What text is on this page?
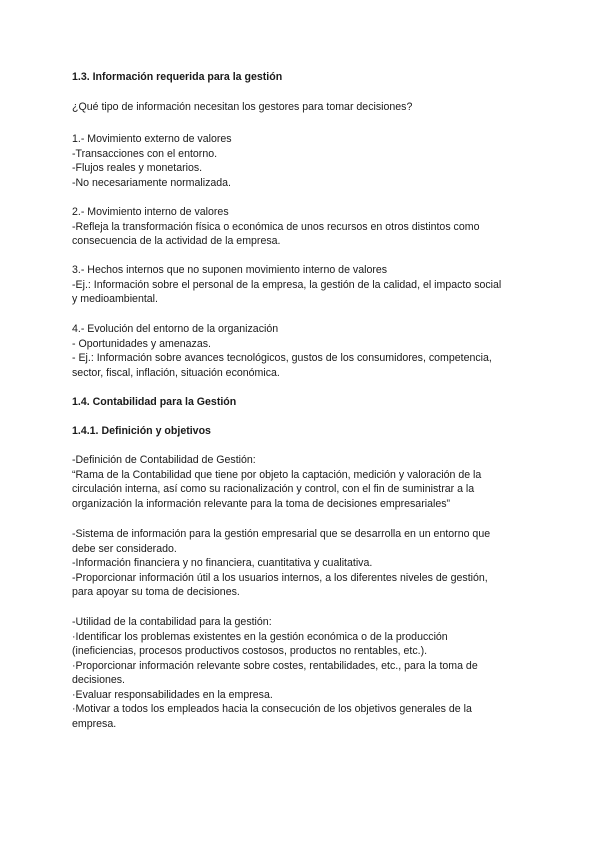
1.3. Información requerida para la gestión
¿Qué tipo de información necesitan los gestores para tomar decisiones?
1.- Movimiento externo de valores
-Transacciones con el entorno.
-Flujos reales y monetarios.
-No necesariamente normalizada.
2.- Movimiento interno de valores
-Refleja la transformación física o económica de unos recursos en otros distintos como
consecuencia de la actividad de la empresa.
3.- Hechos internos que no suponen movimiento interno de valores
-Ej.: Información sobre el personal de la empresa, la gestión de la calidad, el impacto social
y medioambiental.
4.- Evolución del entorno de la organización
- Oportunidades y amenazas.
- Ej.: Información sobre avances tecnológicos, gustos de los consumidores, competencia,
sector, fiscal, inflación, situación económica.
1.4. Contabilidad para la Gestión
1.4.1. Definición y objetivos
-Definición de Contabilidad de Gestión:
“Rama de la Contabilidad que tiene por objeto la captación, medición y valoración de la
circulación interna, así como su racionalización y control, con el fin de suministrar a la
organización la información relevante para la toma de decisiones empresariales”
-Sistema de información para la gestión empresarial que se desarrolla en un entorno que
debe ser considerado.
-Información financiera y no financiera, cuantitativa y cualitativa.
-Proporcionar información útil a los usuarios internos, a los diferentes niveles de gestión,
para apoyar su toma de decisiones.
-Utilidad de la contabilidad para la gestión:
·Identificar los problemas existentes en la gestión económica o de la producción
(ineficiencias, procesos productivos costosos, productos no rentables, etc.).
·Proporcionar información relevante sobre costes, rentabilidades, etc., para la toma de
decisiones.
·Evaluar responsabilidades en la empresa.
·Motivar a todos los empleados hacia la consecución de los objetivos generales de la
empresa.
